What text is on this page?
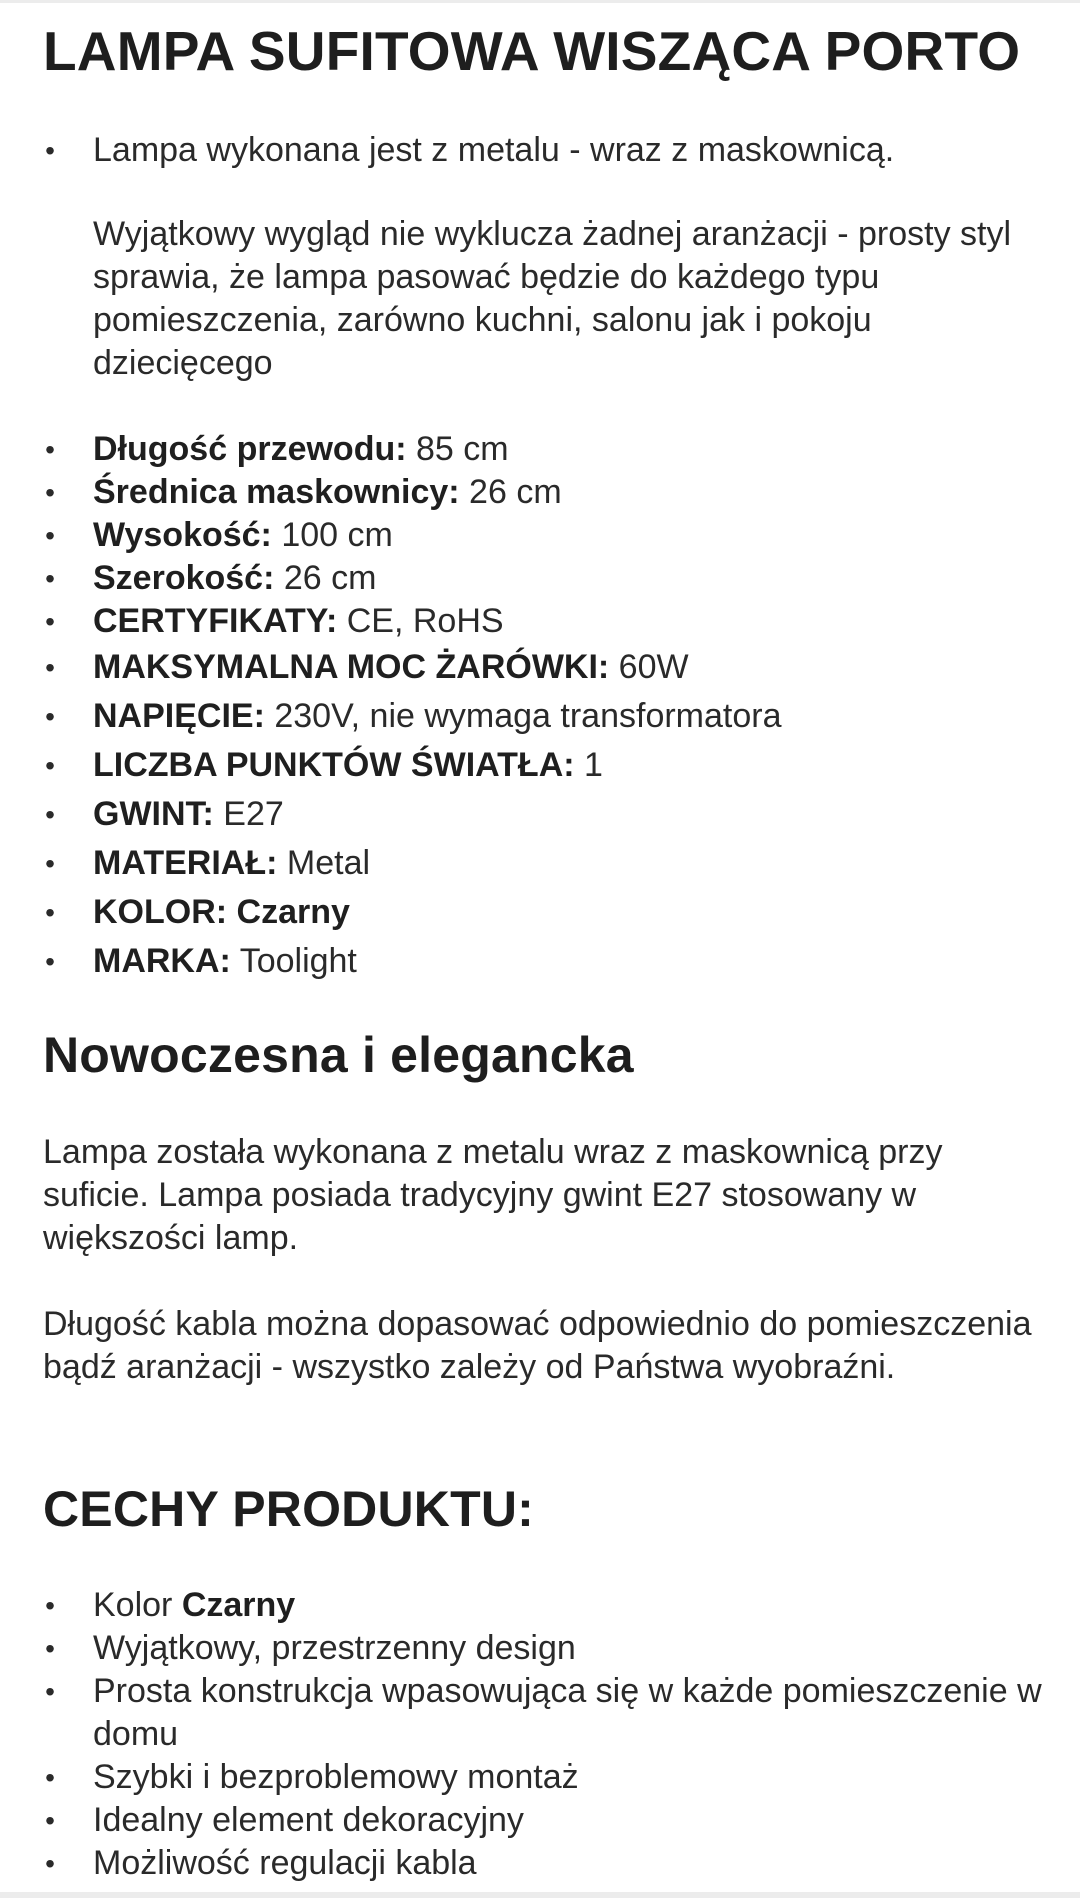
LAMPA SUFITOWA WISZĄCA PORTO
• Lampa wykonana jest z metalu - wraz z maskownicą.
Wyjątkowy wygląd nie wyklucza żadnej aranżacji - prosty styl sprawia, że lampa pasować będzie do każdego typu pomieszczenia, zarówno kuchni, salonu jak i pokoju dziecięcego
• Długość przewodu: 85 cm
• Średnica maskownicy: 26 cm
• Wysokość: 100 cm
• Szerokość: 26 cm
• CERTYFIKATY: CE, RoHS
• MAKSYMALNA MOC ŻARÓWKI: 60W
• NAPIĘCIE: 230V, nie wymaga transformatora
• LICZBA PUNKTÓW ŚWIATŁA: 1
• GWINT: E27
• MATERIAŁ: Metal
• KOLOR: Czarny
• MARKA: Toolight
Nowoczesna i elegancka

Lampa została wykonana z metalu wraz z maskownicą przy suficie. Lampa posiada tradycyjny gwint E27 stosowany w większości lamp.

Długość kabla można dopasować odpowiednio do pomieszczenia bądź aranżacji - wszystko zależy od Państwa wyobraźni.

CECHY PRODUKTU:
• Kolor Czarny
• Wyjątkowy, przestrzenny design
• Prosta konstrukcja wpasowująca się w każde pomieszczenie w domu
• Szybki i bezproblemowy montaż
• Idealny element dekoracyjny
• Możliwość regulacji kabla
